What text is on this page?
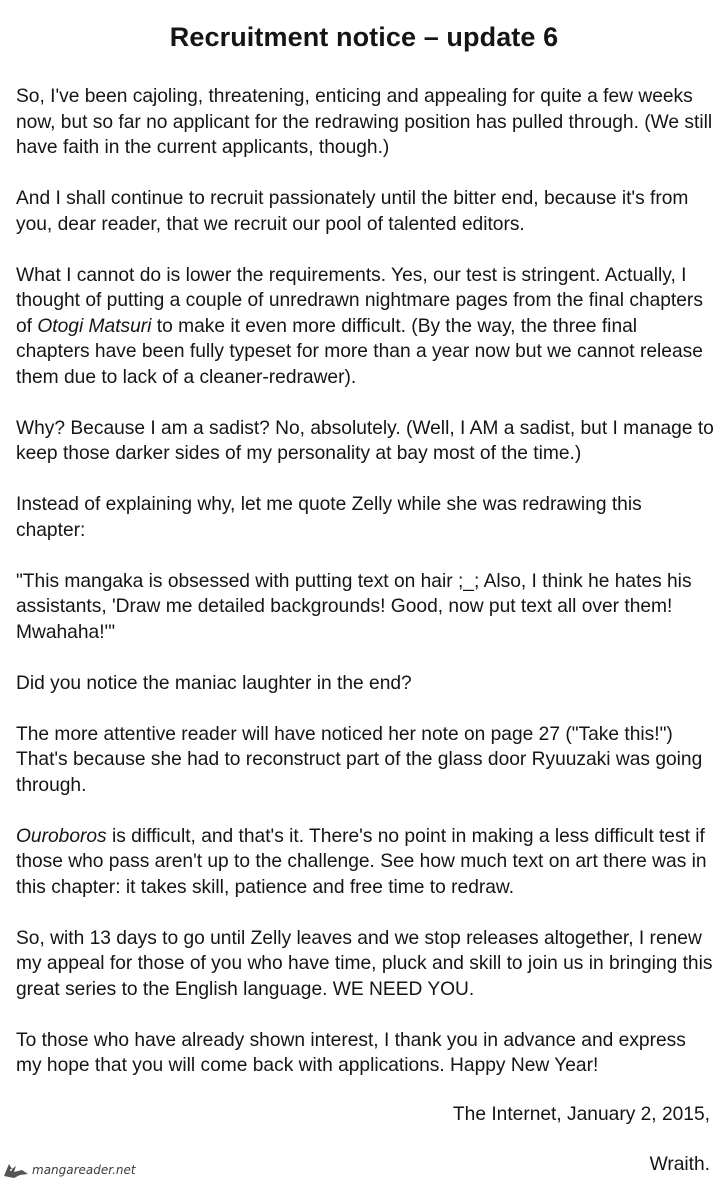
Recruitment notice – update 6

So, I've been cajoling, threatening, enticing and appealing for quite a few weeks now, but so far no applicant for the redrawing position has pulled through. (We still have faith in the current applicants, though.)

And I shall continue to recruit passionately until the bitter end, because it's from you, dear reader, that we recruit our pool of talented editors.

What I cannot do is lower the requirements. Yes, our test is stringent. Actually, I thought of putting a couple of unredrawn nightmare pages from the final chapters of Otogi Matsuri to make it even more difficult. (By the way, the three final chapters have been fully typeset for more than a year now but we cannot release them due to lack of a cleaner-redrawer).

Why? Because I am a sadist? No, absolutely. (Well, I AM a sadist, but I manage to keep those darker sides of my personality at bay most of the time.)

Instead of explaining why, let me quote Zelly while she was redrawing this chapter:

"This mangaka is obsessed with putting text on hair ;_; Also, I think he hates his assistants, 'Draw me detailed backgrounds! Good, now put text all over them! Mwahaha!'"

Did you notice the maniac laughter in the end?

The more attentive reader will have noticed her note on page 27 ("Take this!") That's because she had to reconstruct part of the glass door Ryuuzaki was going through.

Ouroboros is difficult, and that's it. There's no point in making a less difficult test if those who pass aren't up to the challenge. See how much text on art there was in this chapter: it takes skill, patience and free time to redraw.

So, with 13 days to go until Zelly leaves and we stop releases altogether, I renew my appeal for those of you who have time, pluck and skill to join us in bringing this great series to the English language. WE NEED YOU.

To those who have already shown interest, I thank you in advance and express my hope that you will come back with applications. Happy New Year!

The Internet, January 2, 2015,
Wraith.
mangareader.net
